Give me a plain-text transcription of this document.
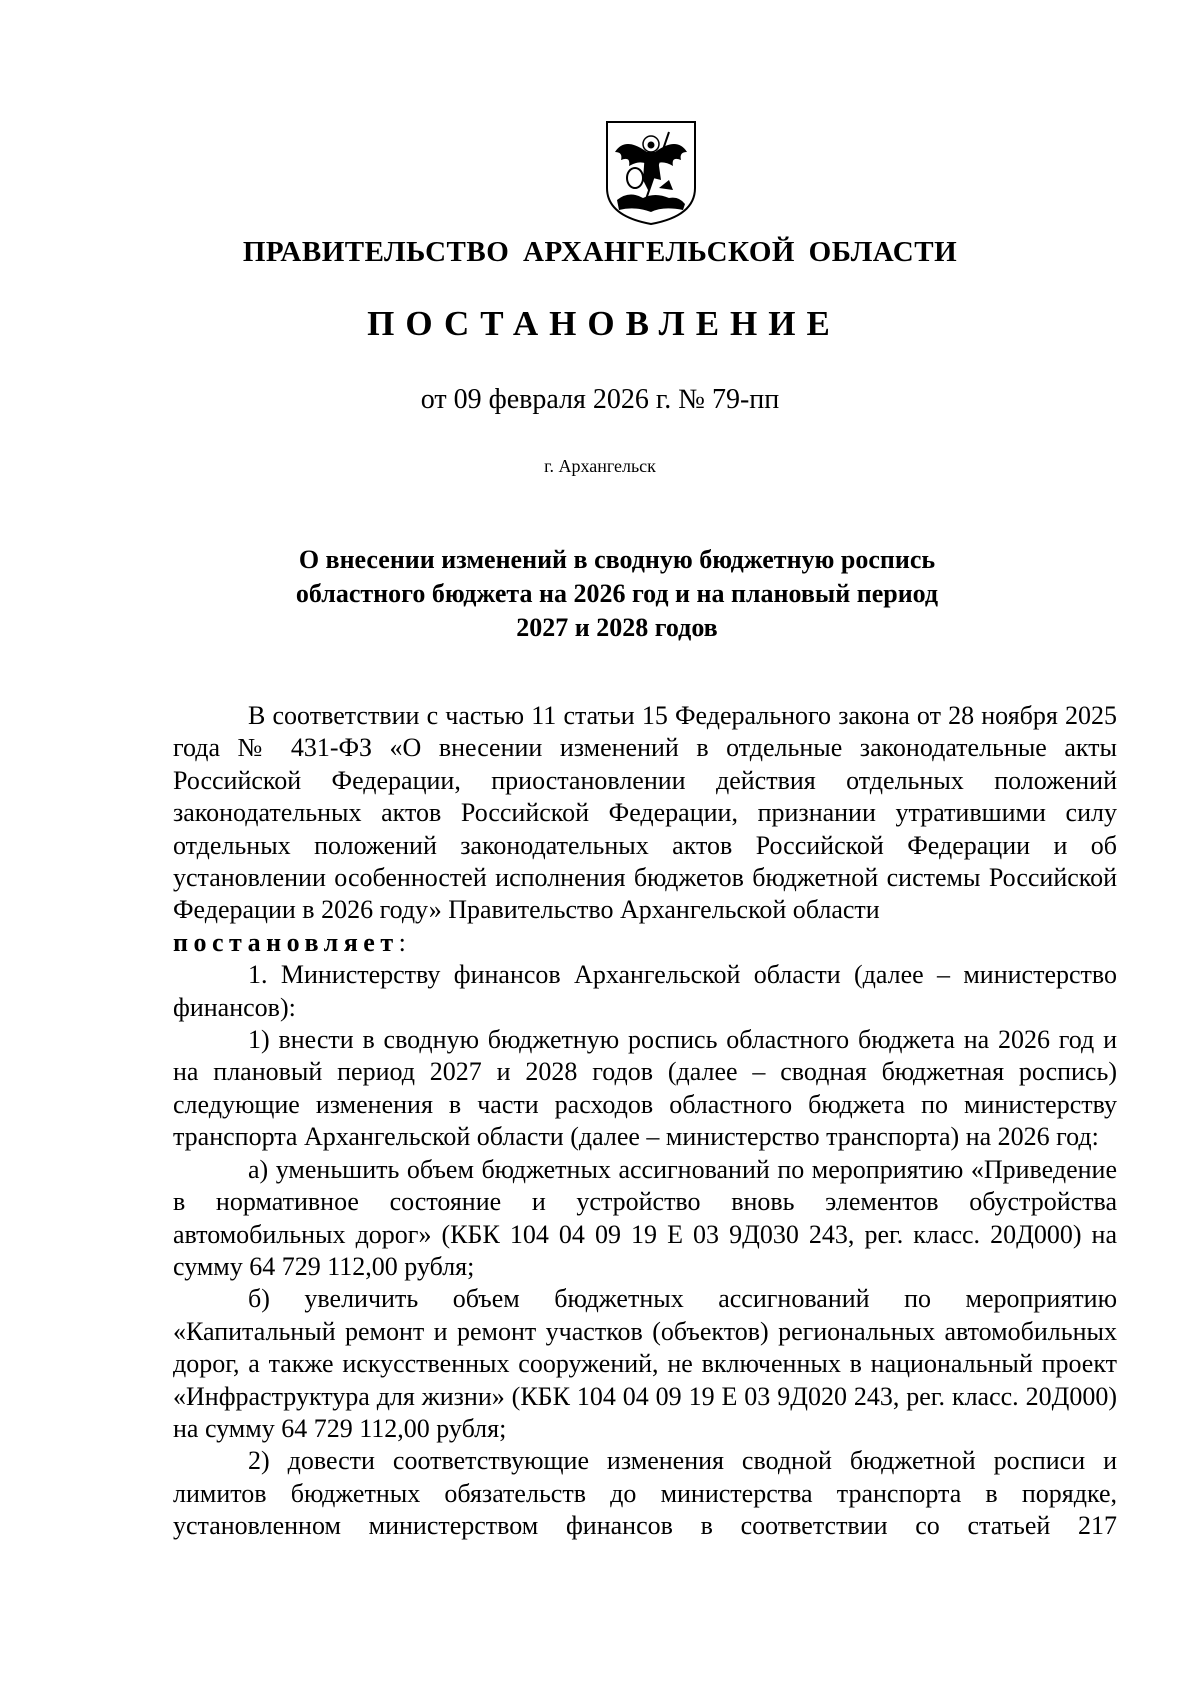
ПРАВИТЕЛЬСТВО АРХАНГЕЛЬСКОЙ ОБЛАСТИ
ПОСТАНОВЛЕНИЕ
от 09 февраля 2026 г. № 79-пп
г. Архангельск
О внесении изменений в сводную бюджетную роспись
областного бюджета на 2026 год и на плановый период
2027 и 2028 годов

В соответствии с частью 11 статьи 15 Федерального закона от 28 ноября 2025 года № 431-ФЗ «О внесении изменений в отдельные законодательные акты Российской Федерации, приостановлении действия отдельных положений законодательных актов Российской Федерации, признании утратившими силу отдельных положений законодательных актов Российской Федерации и об установлении особенностей исполнения бюджетов бюджетной системы Российской Федерации в 2026 году» Правительство Архангельской области

постановляет:

1. Министерству финансов Архангельской области (далее – министерство финансов):

1) внести в сводную бюджетную роспись областного бюджета на 2026 год и на плановый период 2027 и 2028 годов (далее – сводная бюджетная роспись) следующие изменения в части расходов областного бюджета по министерству транспорта Архангельской области (далее – министерство транспорта) на 2026 год:

а) уменьшить объем бюджетных ассигнований по мероприятию «Приведение в нормативное состояние и устройство вновь элементов обустройства автомобильных дорог» (КБК 104 04 09 19 Е 03 9Д030 243, рег. класс. 20Д000) на сумму 64 729 112,00 рубля;

б) увеличить объем бюджетных ассигнований по мероприятию «Капитальный ремонт и ремонт участков (объектов) региональных автомобильных дорог, а также искусственных сооружений, не включенных в национальный проект «Инфраструктура для жизни» (КБК 104 04 09 19 Е 03 9Д020 243, рег. класс. 20Д000) на сумму 64 729 112,00 рубля;

2) довести соответствующие изменения сводной бюджетной росписи и лимитов бюджетных обязательств до министерства транспорта в порядке, установленном министерством финансов в соответствии со статьей 217
